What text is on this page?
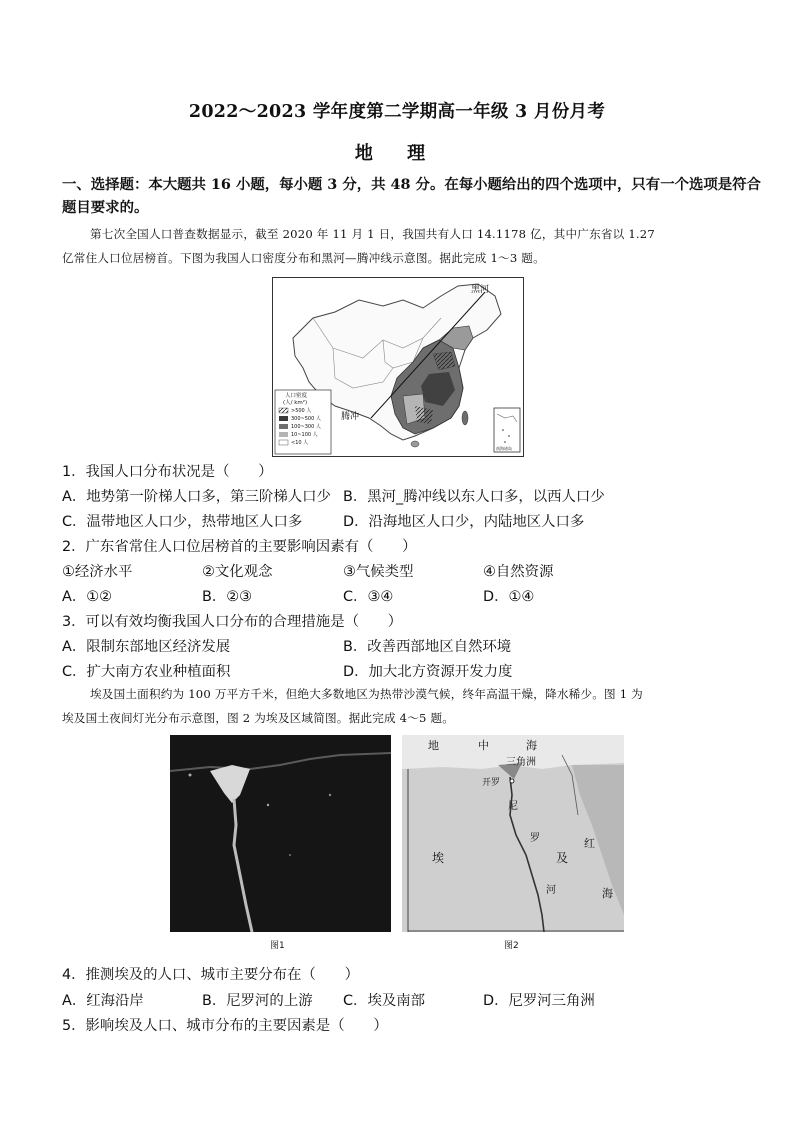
2022～2023 学年度第二学期高一年级 3 月份月考
地 理
一、选择题：本大题共 16 小题，每小题 3 分，共 48 分。在每小题给出的四个选项中，只有一个选项是符合
题目要求的。
第七次全国人口普查数据显示，截至 2020 年 11 月 1 日，我国共有人口 14.1178 亿，其中广东省以 1.27
亿常住人口位居榜首。下图为我国人口密度分布和黑河—腾冲线示意图。据此完成 1～3 题。
黑河
腾冲
人口密度
(人/ km²)
>500 人
300~500 人
100~300 人
10~100 人
<10 人
南海诸岛
1．我国人口分布状况是（　　）
A．地势第一阶梯人口多，第三阶梯人口少 B．黑河_腾冲线以东人口多，以西人口少
C．温带地区人口少，热带地区人口多	D．沿海地区人口少，内陆地区人口多
2．广东省常住人口位居榜首的主要影响因素有（　　）
①经济水平	②文化观念	③气候类型	④自然资源
A．①②	B．②③	C．③④	D．①④
3．可以有效均衡我国人口分布的合理措施是（　　）
A．限制东部地区经济发展	B．改善西部地区自然环境
C．扩大南方农业种植面积	D．加大北方资源开发力度
埃及国土面积约为 100 万平方千米，但绝大多数地区为热带沙漠气候，终年高温干燥，降水稀少。图 1 为
埃及国土夜间灯光分布示意图，图 2 为埃及区域简图。据此完成 4～5 题。
图1
地	中	海
三角洲
开罗
尼
罗
河
埃	及
红
海
图2
4．推测埃及的人口、城市主要分布在（　　）
A．红海沿岸	B．尼罗河的上游 C．埃及南部	D．尼罗河三角洲
5．影响埃及人口、城市分布的主要因素是（　　）
